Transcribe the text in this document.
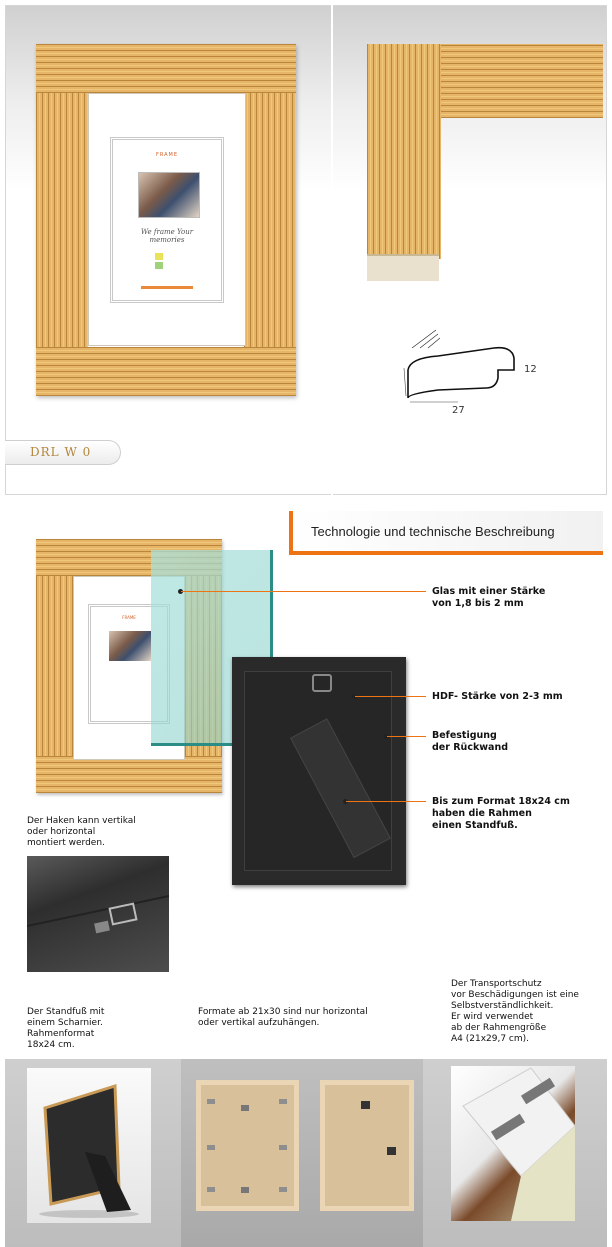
FRAME
We frame Your memories
12
27
DRL W 0
Technologie und technische Beschreibung
FRAME
Glas mit einer Stärke
von 1,8 bis 2 mm
HDF- Stärke von 2-3 mm
Befestigung
der Rückwand
Bis zum Format 18x24 cm
haben die Rahmen
einen Standfuß.
Der Haken kann vertikal
oder horizontal
montiert werden.
Der Standfuß mit
einem Scharnier.
Rahmenformat
18x24 cm.
Formate ab 21x30 sind nur horizontal
oder vertikal aufzuhängen.
Der Transportschutz
vor Beschädigungen ist eine
Selbstverständlichkeit.
Er wird verwendet
ab der Rahmengröße
A4 (21x29,7 cm).
